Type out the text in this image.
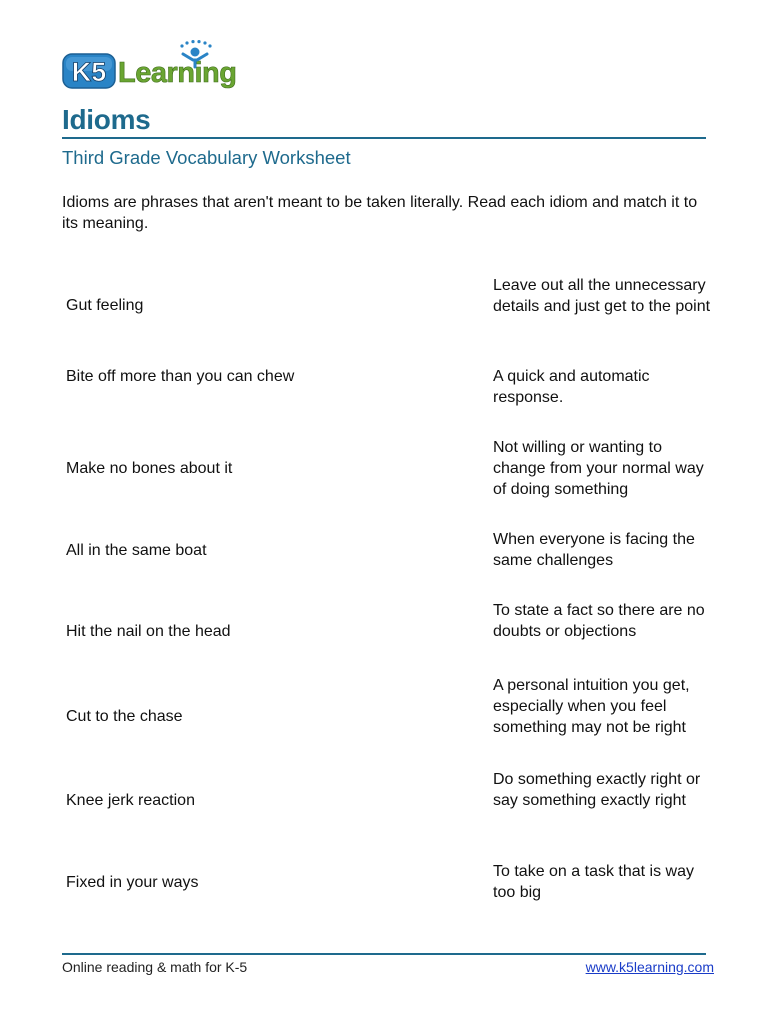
K5 Learning
Idioms
Third Grade Vocabulary Worksheet
Idioms are phrases that aren't meant to be taken literally. Read each idiom and match it to its meaning.
Gut feeling
Bite off more than you can chew
Make no bones about it
All in the same boat
Hit the nail on the head
Cut to the chase
Knee jerk reaction
Fixed in your ways
Leave out all the unnecessary details and just get to the point
A quick and automatic response.
Not willing or wanting to change from your normal way of doing something
When everyone is facing the same challenges
To state a fact so there are no doubts or objections
A personal intuition you get, especially when you feel something may not be right
Do something exactly right or say something exactly right
To take on a task that is way too big
Online reading & math for K-5	www.k5learning.com
